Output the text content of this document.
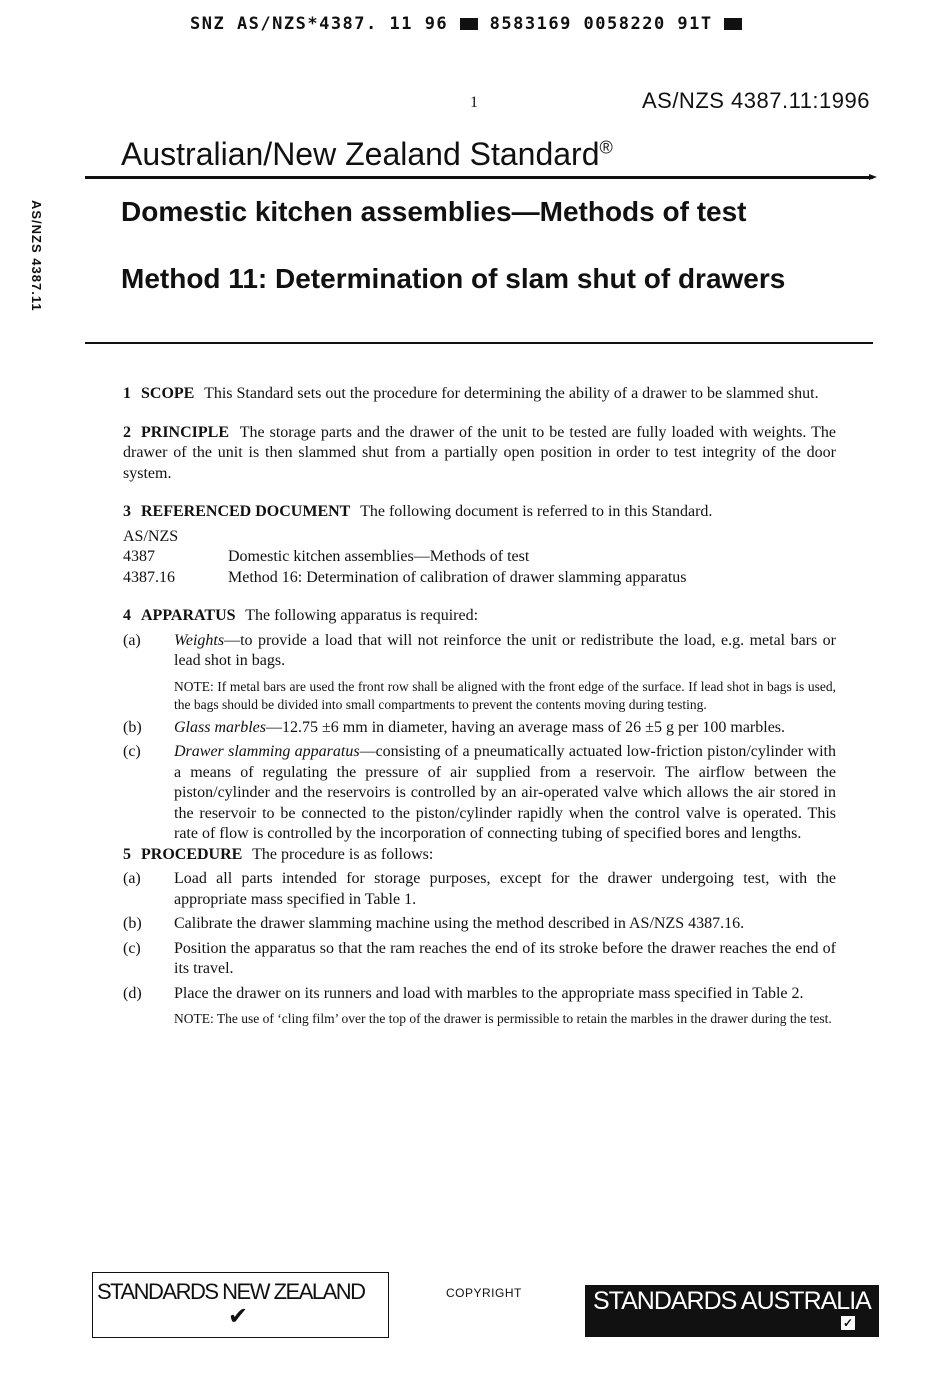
SNZ AS/NZS*4387. 11 96 8583169 0058220 91T
1	AS/NZS 4387.11:1996
Australian/New Zealand Standard®
AS/NZS 4387.11	Domestic kitchen assemblies—Methods of test
Method 11: Determination of slam shut of drawers

1 SCOPE This Standard sets out the procedure for determining the ability of a drawer to be slammed shut.

2 PRINCIPLE The storage parts and the drawer of the unit to be tested are fully loaded with weights. The drawer of the unit is then slammed shut from a partially open position in order to test integrity of the door system.

3 REFERENCED DOCUMENT The following document is referred to in this Standard.

AS/NZS
4387	Domestic kitchen assemblies—Methods of test
4387.16	Method 16: Determination of calibration of drawer slamming apparatus

4 APPARATUS The following apparatus is required:

(a)	Weights—to provide a load that will not reinforce the unit or redistribute the load, e.g. metal bars or lead shot in bags.
NOTE: If metal bars are used the front row shall be aligned with the front edge of the surface. If lead shot in bags is used, the bags should be divided into small compartments to prevent the contents moving during testing.
(b)	Glass marbles—12.75 ±6 mm in diameter, having an average mass of 26 ±5 g per 100 marbles.
(c)	Drawer slamming apparatus—consisting of a pneumatically actuated low-friction piston/cylinder with a means of regulating the pressure of air supplied from a reservoir. The airflow between the piston/cylinder and the reservoirs is controlled by an air-operated valve which allows the air stored in the reservoir to be connected to the piston/cylinder rapidly when the control valve is operated. This rate of flow is controlled by the incorporation of connecting tubing of specified bores and lengths.

5 PROCEDURE The procedure is as follows:

(a)	Load all parts intended for storage purposes, except for the drawer undergoing test, with the appropriate mass specified in Table 1.
(b)	Calibrate the drawer slamming machine using the method described in AS/NZS 4387.16.
(c)	Position the apparatus so that the ram reaches the end of its stroke before the drawer reaches the end of its travel.
(d)	Place the drawer on its runners and load with marbles to the appropriate mass specified in Table 2.
NOTE: The use of ‘cling film’ over the top of the drawer is permissible to retain the marbles in the drawer during the test.
STANDARDS NEW ZEALAND
✔
COPYRIGHT	STANDARDS AUSTRALIA
✓
